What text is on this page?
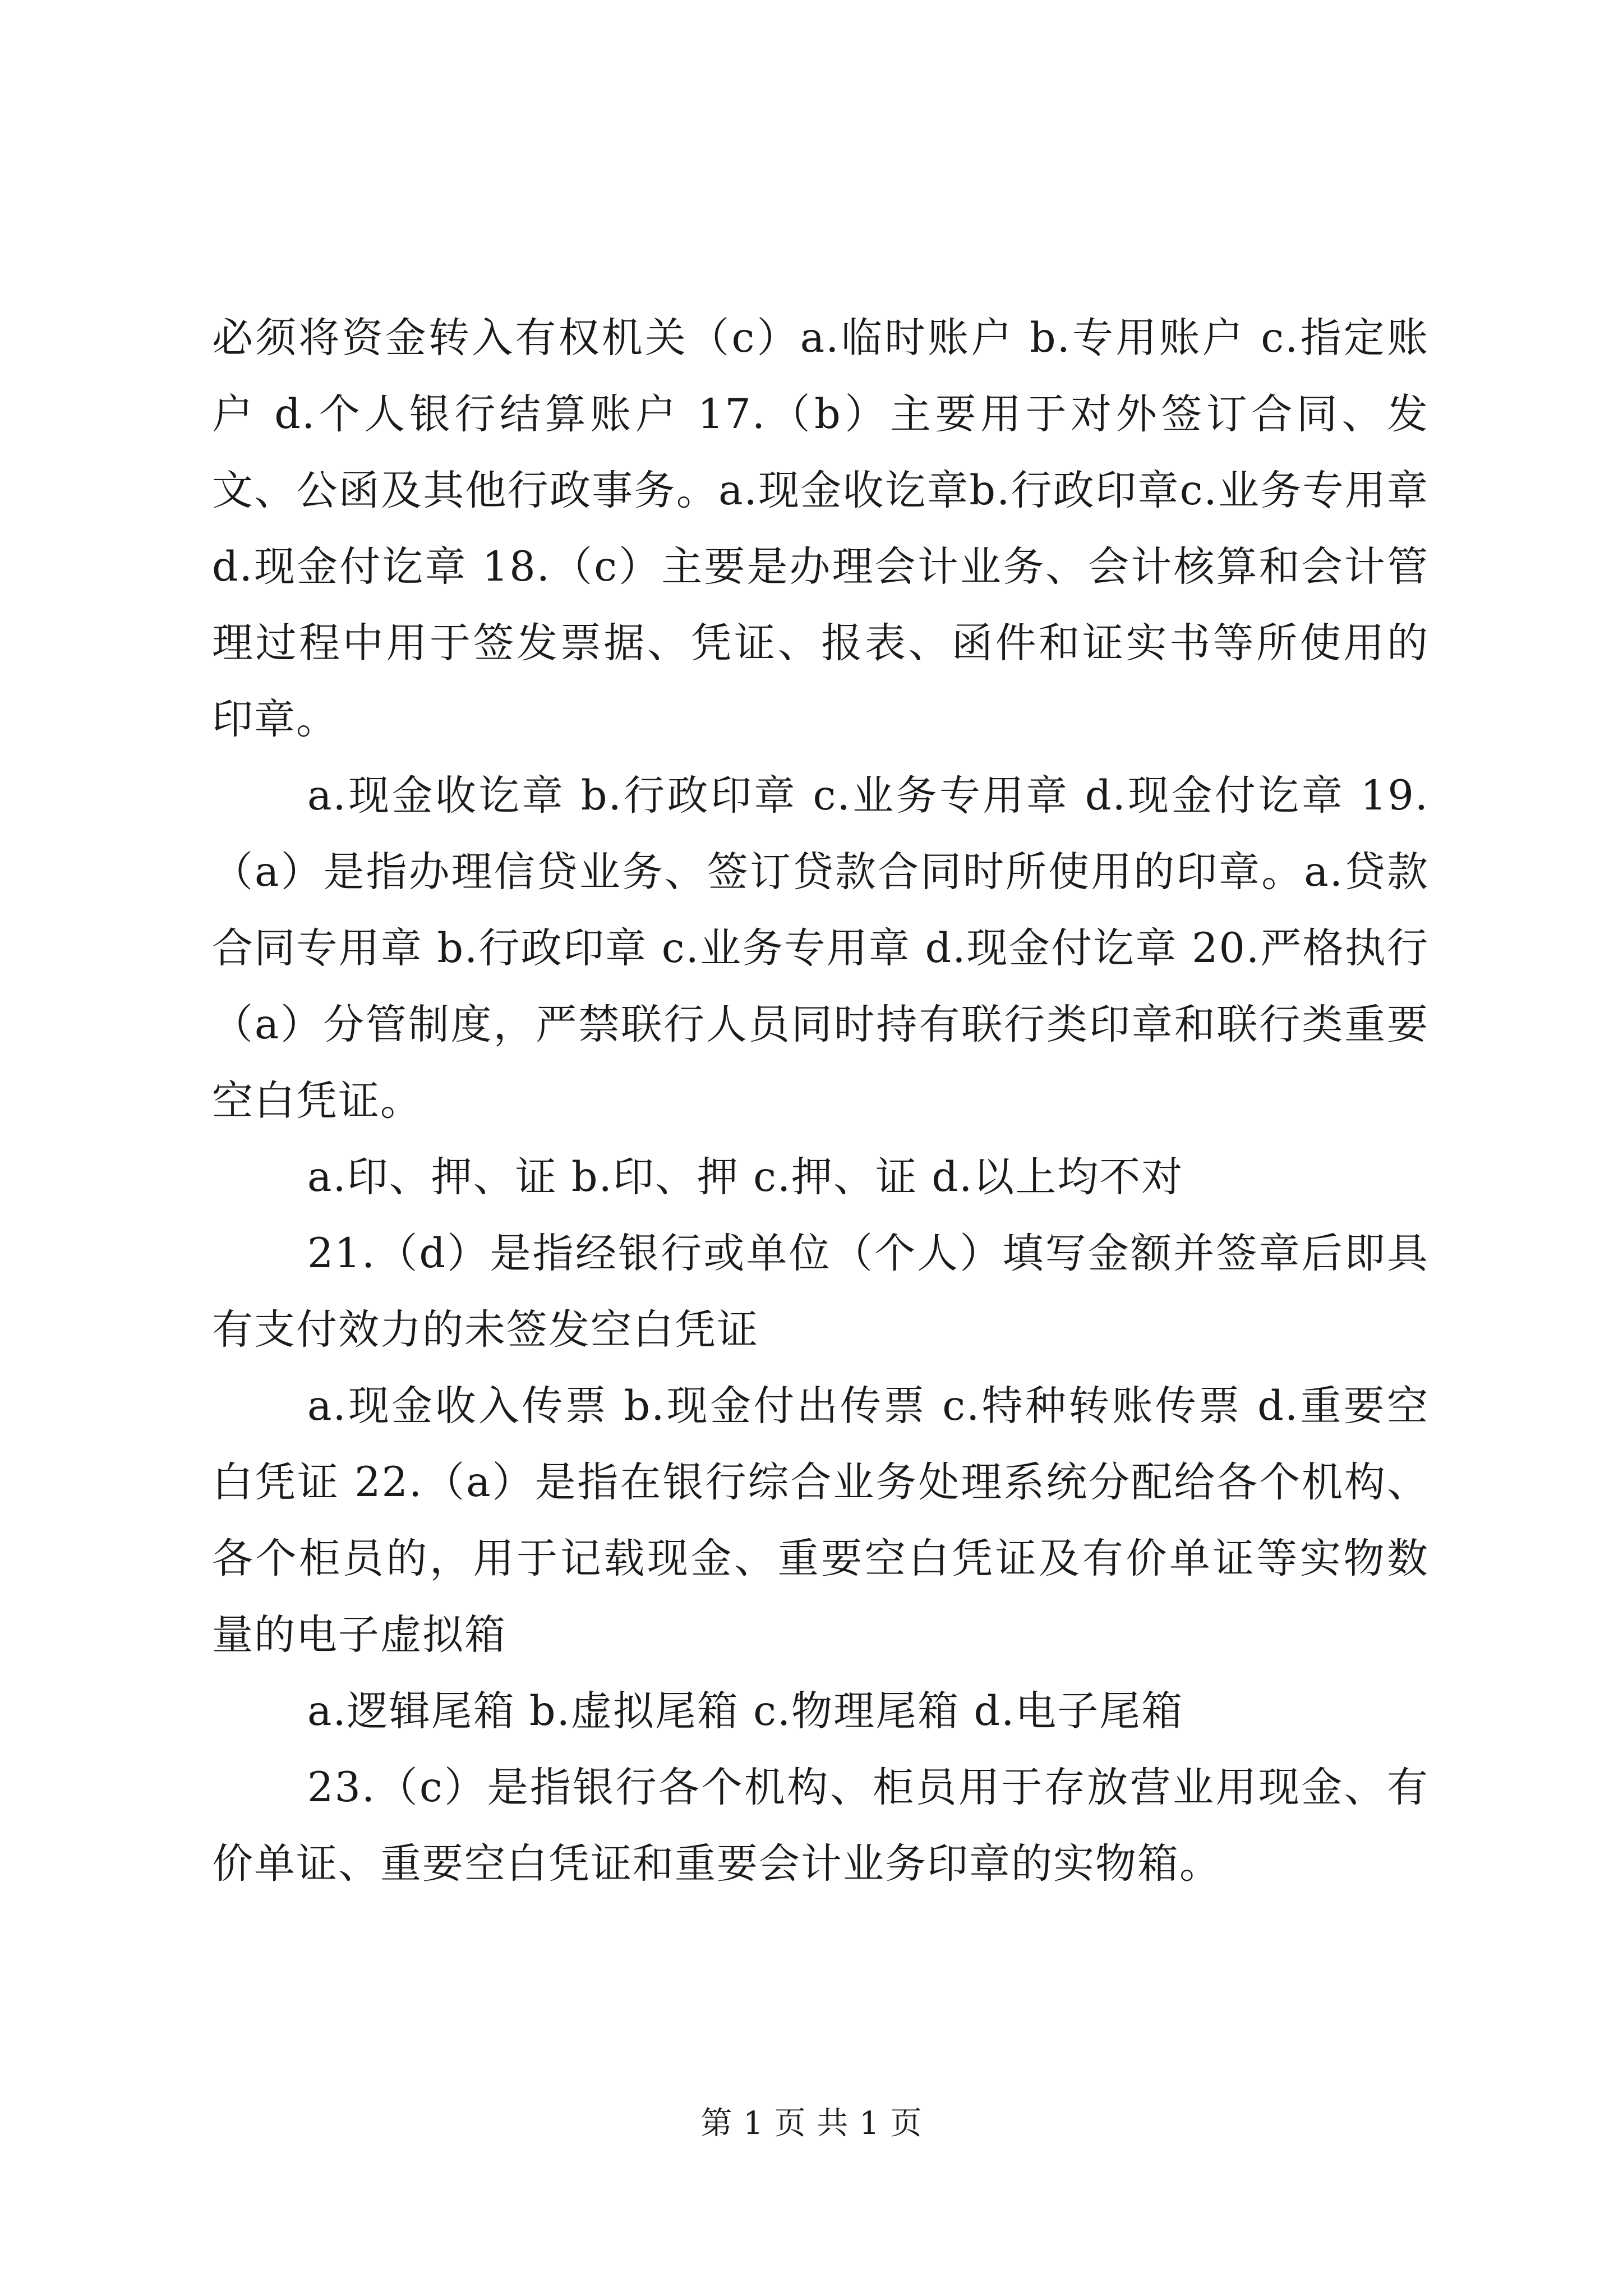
必须将资金转入有权机关（c）a.临时账户 b.专用账户 c.指定账户 d.个人银行结算账户 17.（b）主要用于对外签订合同、发文、公函及其他行政事务。a.现金收讫章b.行政印章c.业务专用章d.现金付讫章 18.（c）主要是办理会计业务、会计核算和会计管理过程中用于签发票据、凭证、报表、函件和证实书等所使用的印章。

a.现金收讫章 b.行政印章 c.业务专用章 d.现金付讫章 19.（a）是指办理信贷业务、签订贷款合同时所使用的印章。a.贷款合同专用章 b.行政印章 c.业务专用章 d.现金付讫章 20.严格执行（a）分管制度，严禁联行人员同时持有联行类印章和联行类重要空白凭证。

a.印、押、证 b.印、押 c.押、证 d.以上均不对

21.（d）是指经银行或单位（个人）填写金额并签章后即具有支付效力的未签发空白凭证

a.现金收入传票 b.现金付出传票 c.特种转账传票 d.重要空白凭证 22.（a）是指在银行综合业务处理系统分配给各个机构、各个柜员的，用于记载现金、重要空白凭证及有价单证等实物数量的电子虚拟箱

a.逻辑尾箱 b.虚拟尾箱 c.物理尾箱 d.电子尾箱

23.（c）是指银行各个机构、柜员用于存放营业用现金、有价单证、重要空白凭证和重要会计业务印章的实物箱。

第 1 页 共 1 页
